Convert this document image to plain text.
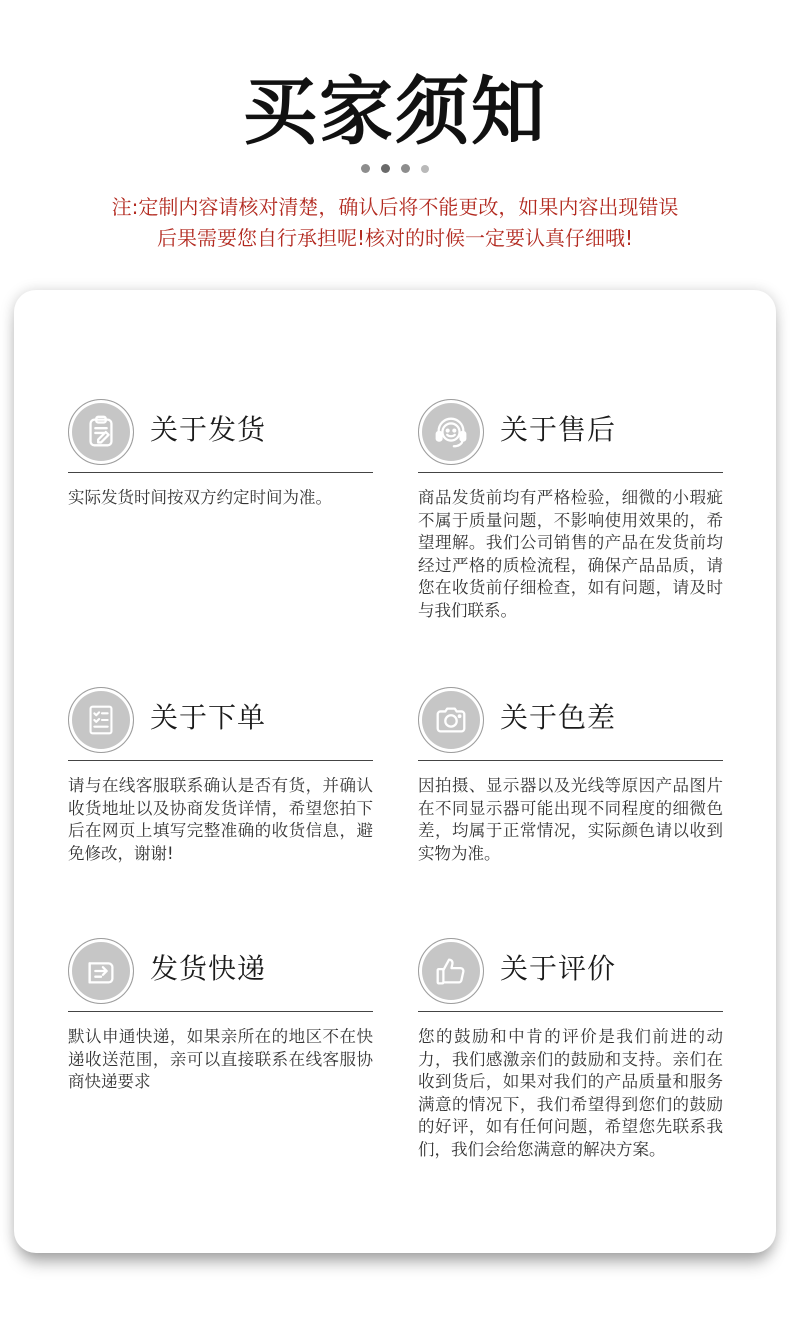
买家须知

注:定制内容请核对清楚，确认后将不能更改，如果内容出现错误

后果需要您自行承担呢!核对的时候一定要认真仔细哦!

关于发货

实际发货时间按双方约定时间为准。

关于售后

商品发货前均有严格检验，细微的小瑕疵不属于质量问题，不影响使用效果的，希望理解。我们公司销售的产品在发货前均经过严格的质检流程，确保产品品质，请您在收货前仔细检查，如有问题，请及时与我们联系。

关于下单

请与在线客服联系确认是否有货，并确认收货地址以及协商发货详情，希望您拍下后在网页上填写完整准确的收货信息，避免修改，谢谢!

关于色差

因拍摄、显示器以及光线等原因产品图片在不同显示器可能出现不同程度的细微色差，均属于正常情况，实际颜色请以收到实物为准。

发货快递

默认申通快递，如果亲所在的地区不在快递收送范围，亲可以直接联系在线客服协商快递要求

关于评价

您的鼓励和中肯的评价是我们前进的动力，我们感激亲们的鼓励和支持。亲们在收到货后，如果对我们的产品质量和服务满意的情况下，我们希望得到您们的鼓励的好评，如有任何问题，希望您先联系我们，我们会给您满意的解决方案。
